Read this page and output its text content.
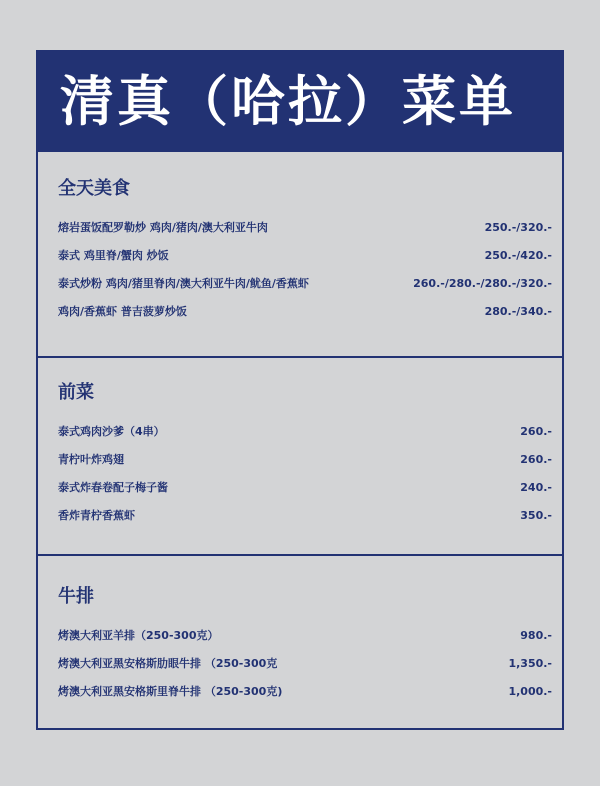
清真（哈拉）菜单
全天美食
熔岩蛋饭配罗勒炒 鸡肉/猪肉/澳大利亚牛肉	250.-/320.-
泰式 鸡里脊/蟹肉 炒饭	250.-/420.-
泰式炒粉 鸡肉/猪里脊肉/澳大利亚牛肉/鱿鱼/香蕉虾	260.-/280.-/280.-/320.-
鸡肉/香蕉虾 普吉菠萝炒饭	280.-/340.-
前菜
泰式鸡肉沙爹（4串）	260.-
青柠叶炸鸡翅	260.-
泰式炸春卷配子梅子酱	240.-
香炸青柠香蕉虾	350.-
牛排
烤澳大利亚羊排（250-300克）	980.-
烤澳大利亚黑安格斯肋眼牛排 （250-300克	1,350.-
烤澳大利亚黑安格斯里脊牛排 （250-300克)	1,000.-
